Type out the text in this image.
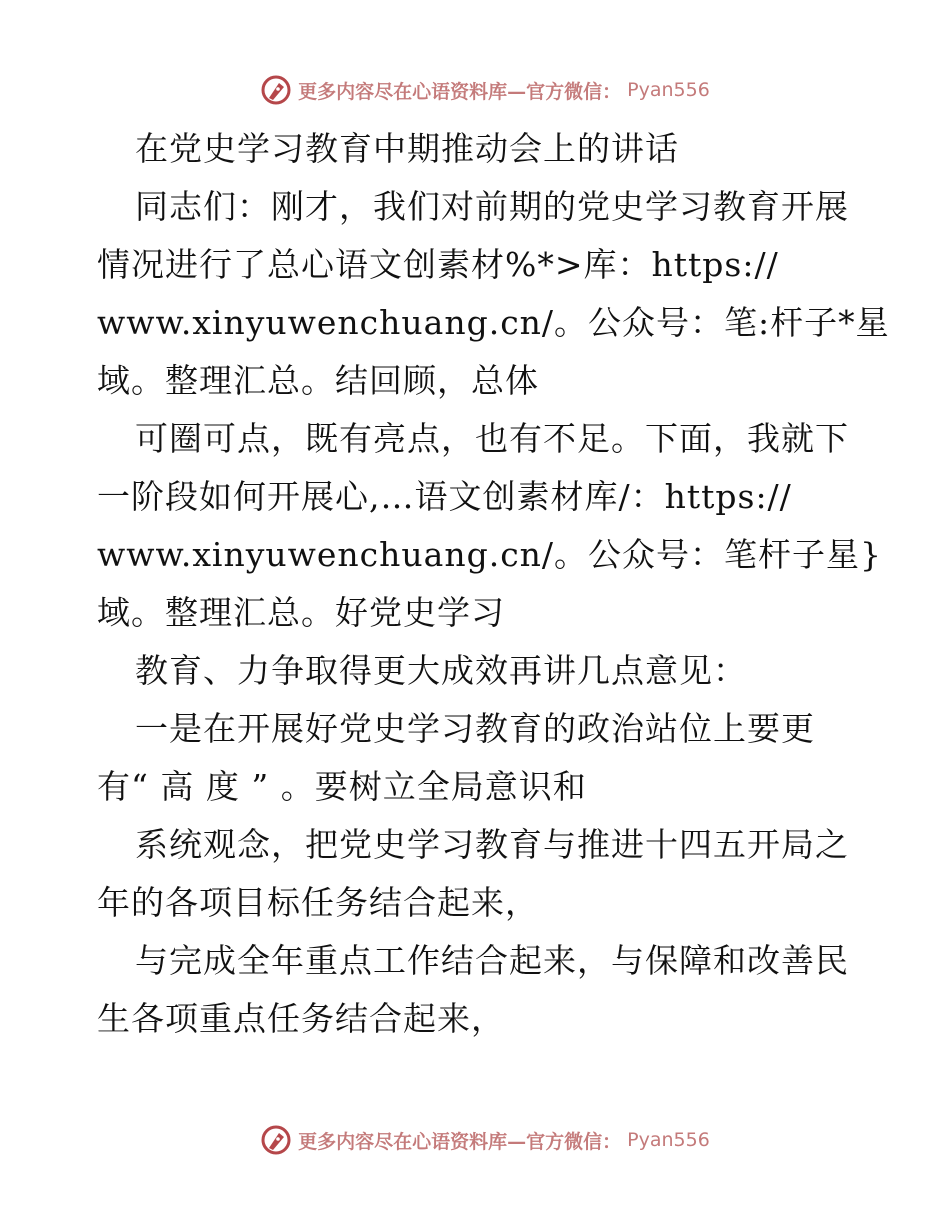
更多内容尽在心语资料库—官方微信： Pyan556
在党史学习教育中期推动会上的讲话
同志们：刚才，我们对前期的党史学习教育开展
情况进行了总心语文创素材%*>库：https://
www.xinyuwenchuang.cn/。公众号：笔:杆子*星
域。整理汇总。结回顾，总体
可圈可点，既有亮点，也有不足。下面，我就下
一阶段如何开展心,…语文创素材库/：https://
www.xinyuwenchuang.cn/。公众号：笔杆子星}
域。整理汇总。好党史学习
教育、力争取得更大成效再讲几点意见：
一是在开展好党史学习教育的政治站位上要更
有“ 高 度 ” 。要树立全局意识和
系统观念，把党史学习教育与推进十四五开局之
年的各项目标任务结合起来，
与完成全年重点工作结合起来，与保障和改善民
生各项重点任务结合起来，
更多内容尽在心语资料库—官方微信： Pyan556
